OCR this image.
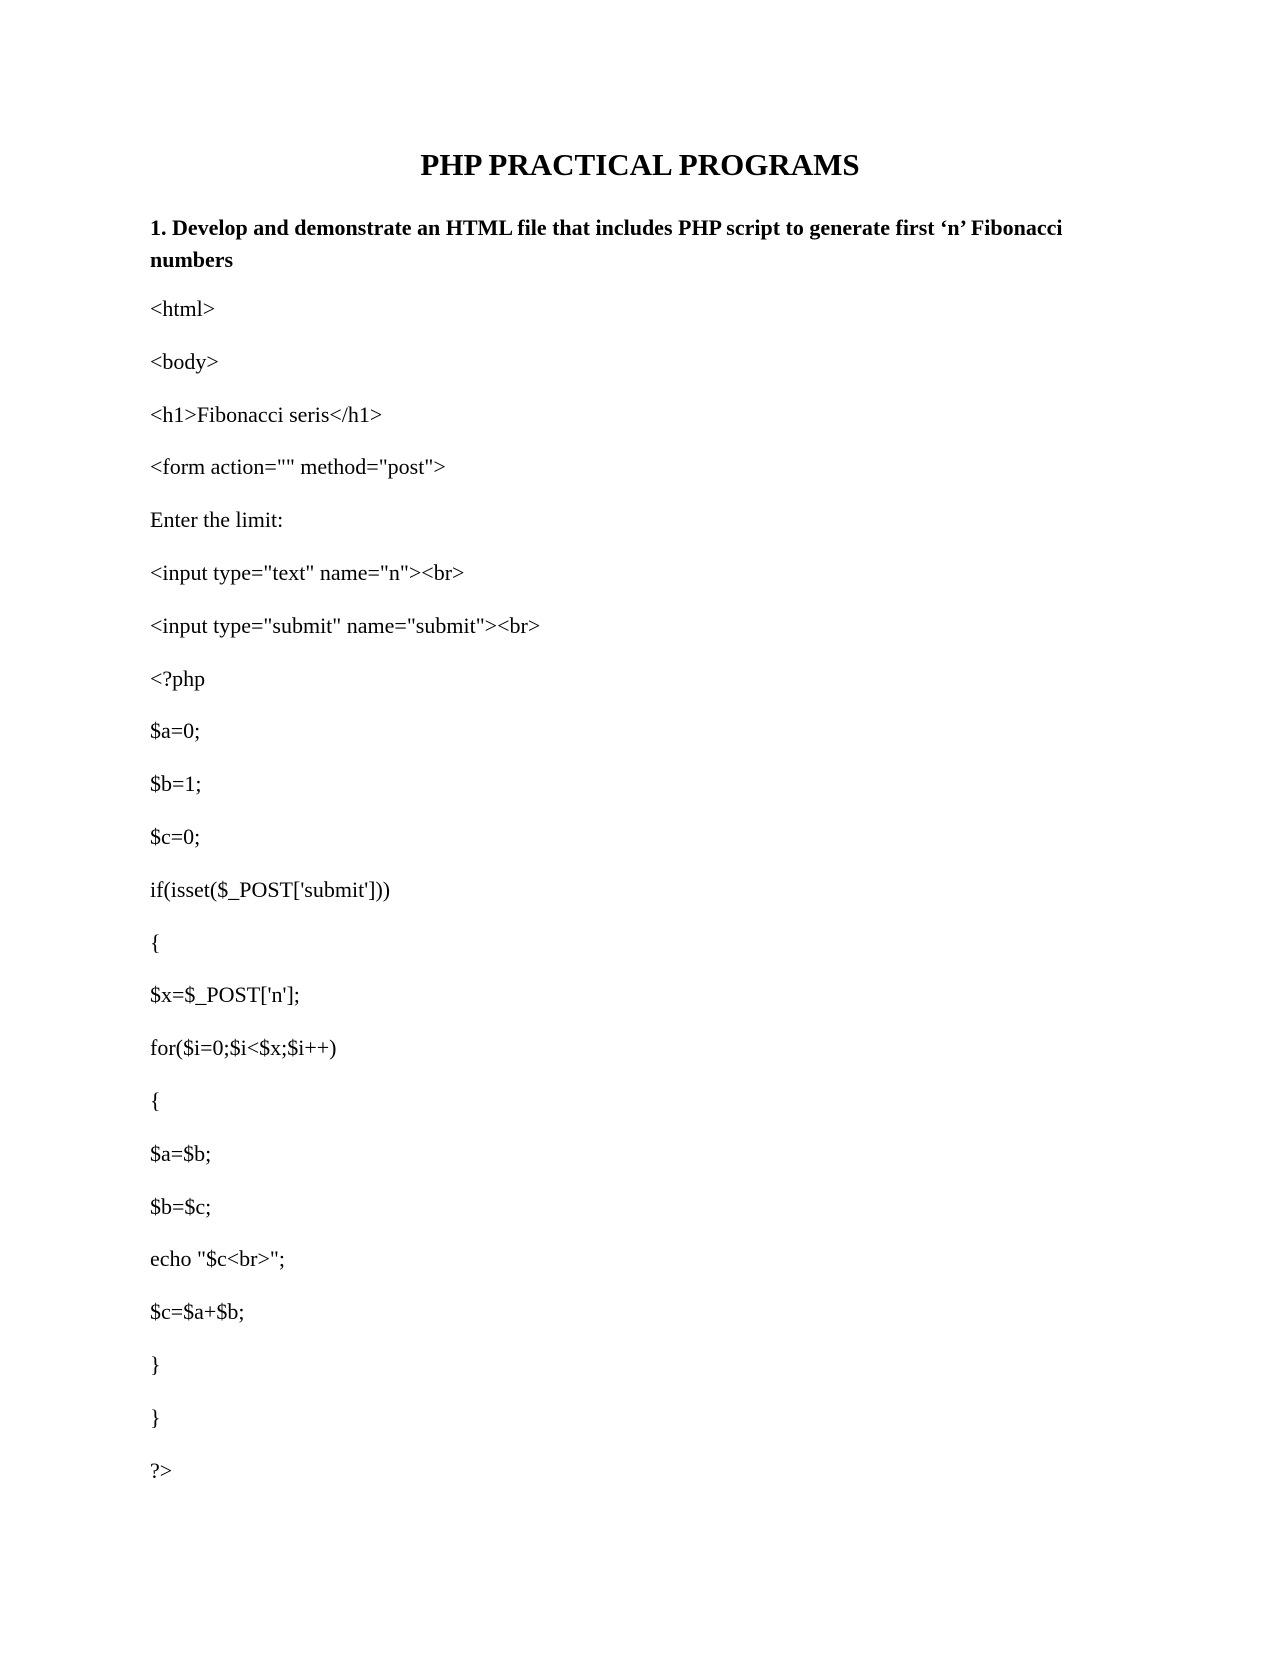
PHP PRACTICAL PROGRAMS

1. Develop and demonstrate an HTML file that includes PHP script to generate first ‘n’ Fibonacci numbers

<html>
<body>
<h1>Fibonacci seris</h1>
<form action="" method="post">
Enter the limit:
<input type="text" name="n"><br>
<input type="submit" name="submit"><br>
<?php
$a=0;
$b=1;
$c=0;
if(isset($_POST['submit']))
{
$x=$_POST['n'];
for($i=0;$i<$x;$i++)
{
$a=$b;
$b=$c;
echo "$c<br>";
$c=$a+$b;
}
}
?>
